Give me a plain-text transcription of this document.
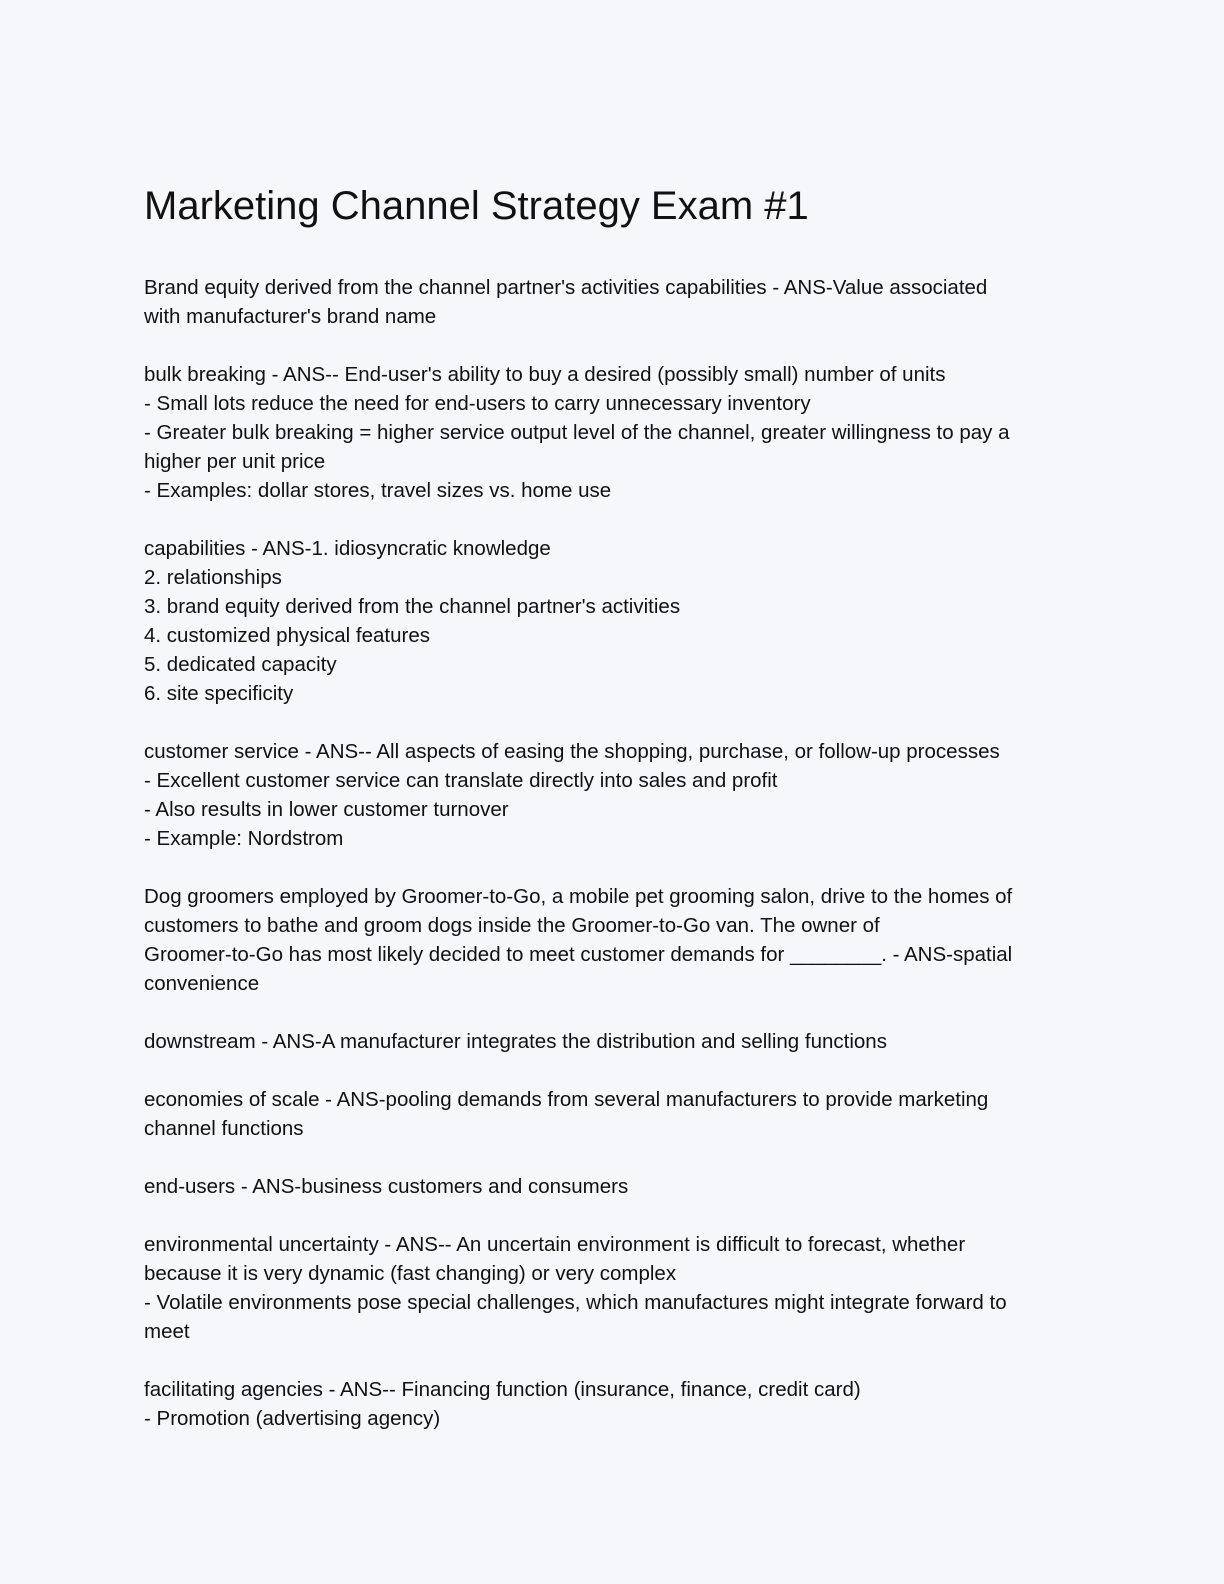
Marketing Channel Strategy Exam #1
Brand equity derived from the channel partner's activities capabilities - ANS-Value associated
with manufacturer's brand name
bulk breaking - ANS-- End-user's ability to buy a desired (possibly small) number of units
- Small lots reduce the need for end-users to carry unnecessary inventory
- Greater bulk breaking = higher service output level of the channel, greater willingness to pay a
higher per unit price
- Examples: dollar stores, travel sizes vs. home use
capabilities - ANS-1. idiosyncratic knowledge
2. relationships
3. brand equity derived from the channel partner's activities
4. customized physical features
5. dedicated capacity
6. site specificity
customer service - ANS-- All aspects of easing the shopping, purchase, or follow-up processes
- Excellent customer service can translate directly into sales and profit
- Also results in lower customer turnover
- Example: Nordstrom
Dog groomers employed by Groomer-to-Go, a mobile pet grooming salon, drive to the homes of
customers to bathe and groom dogs inside the Groomer-to-Go van. The owner of
Groomer-to-Go has most likely decided to meet customer demands for ________. - ANS-spatial
convenience
downstream - ANS-A manufacturer integrates the distribution and selling functions
economies of scale - ANS-pooling demands from several manufacturers to provide marketing
channel functions
end-users - ANS-business customers and consumers
environmental uncertainty - ANS-- An uncertain environment is difficult to forecast, whether
because it is very dynamic (fast changing) or very complex
- Volatile environments pose special challenges, which manufactures might integrate forward to
meet
facilitating agencies - ANS-- Financing function (insurance, finance, credit card)
- Promotion (advertising agency)
